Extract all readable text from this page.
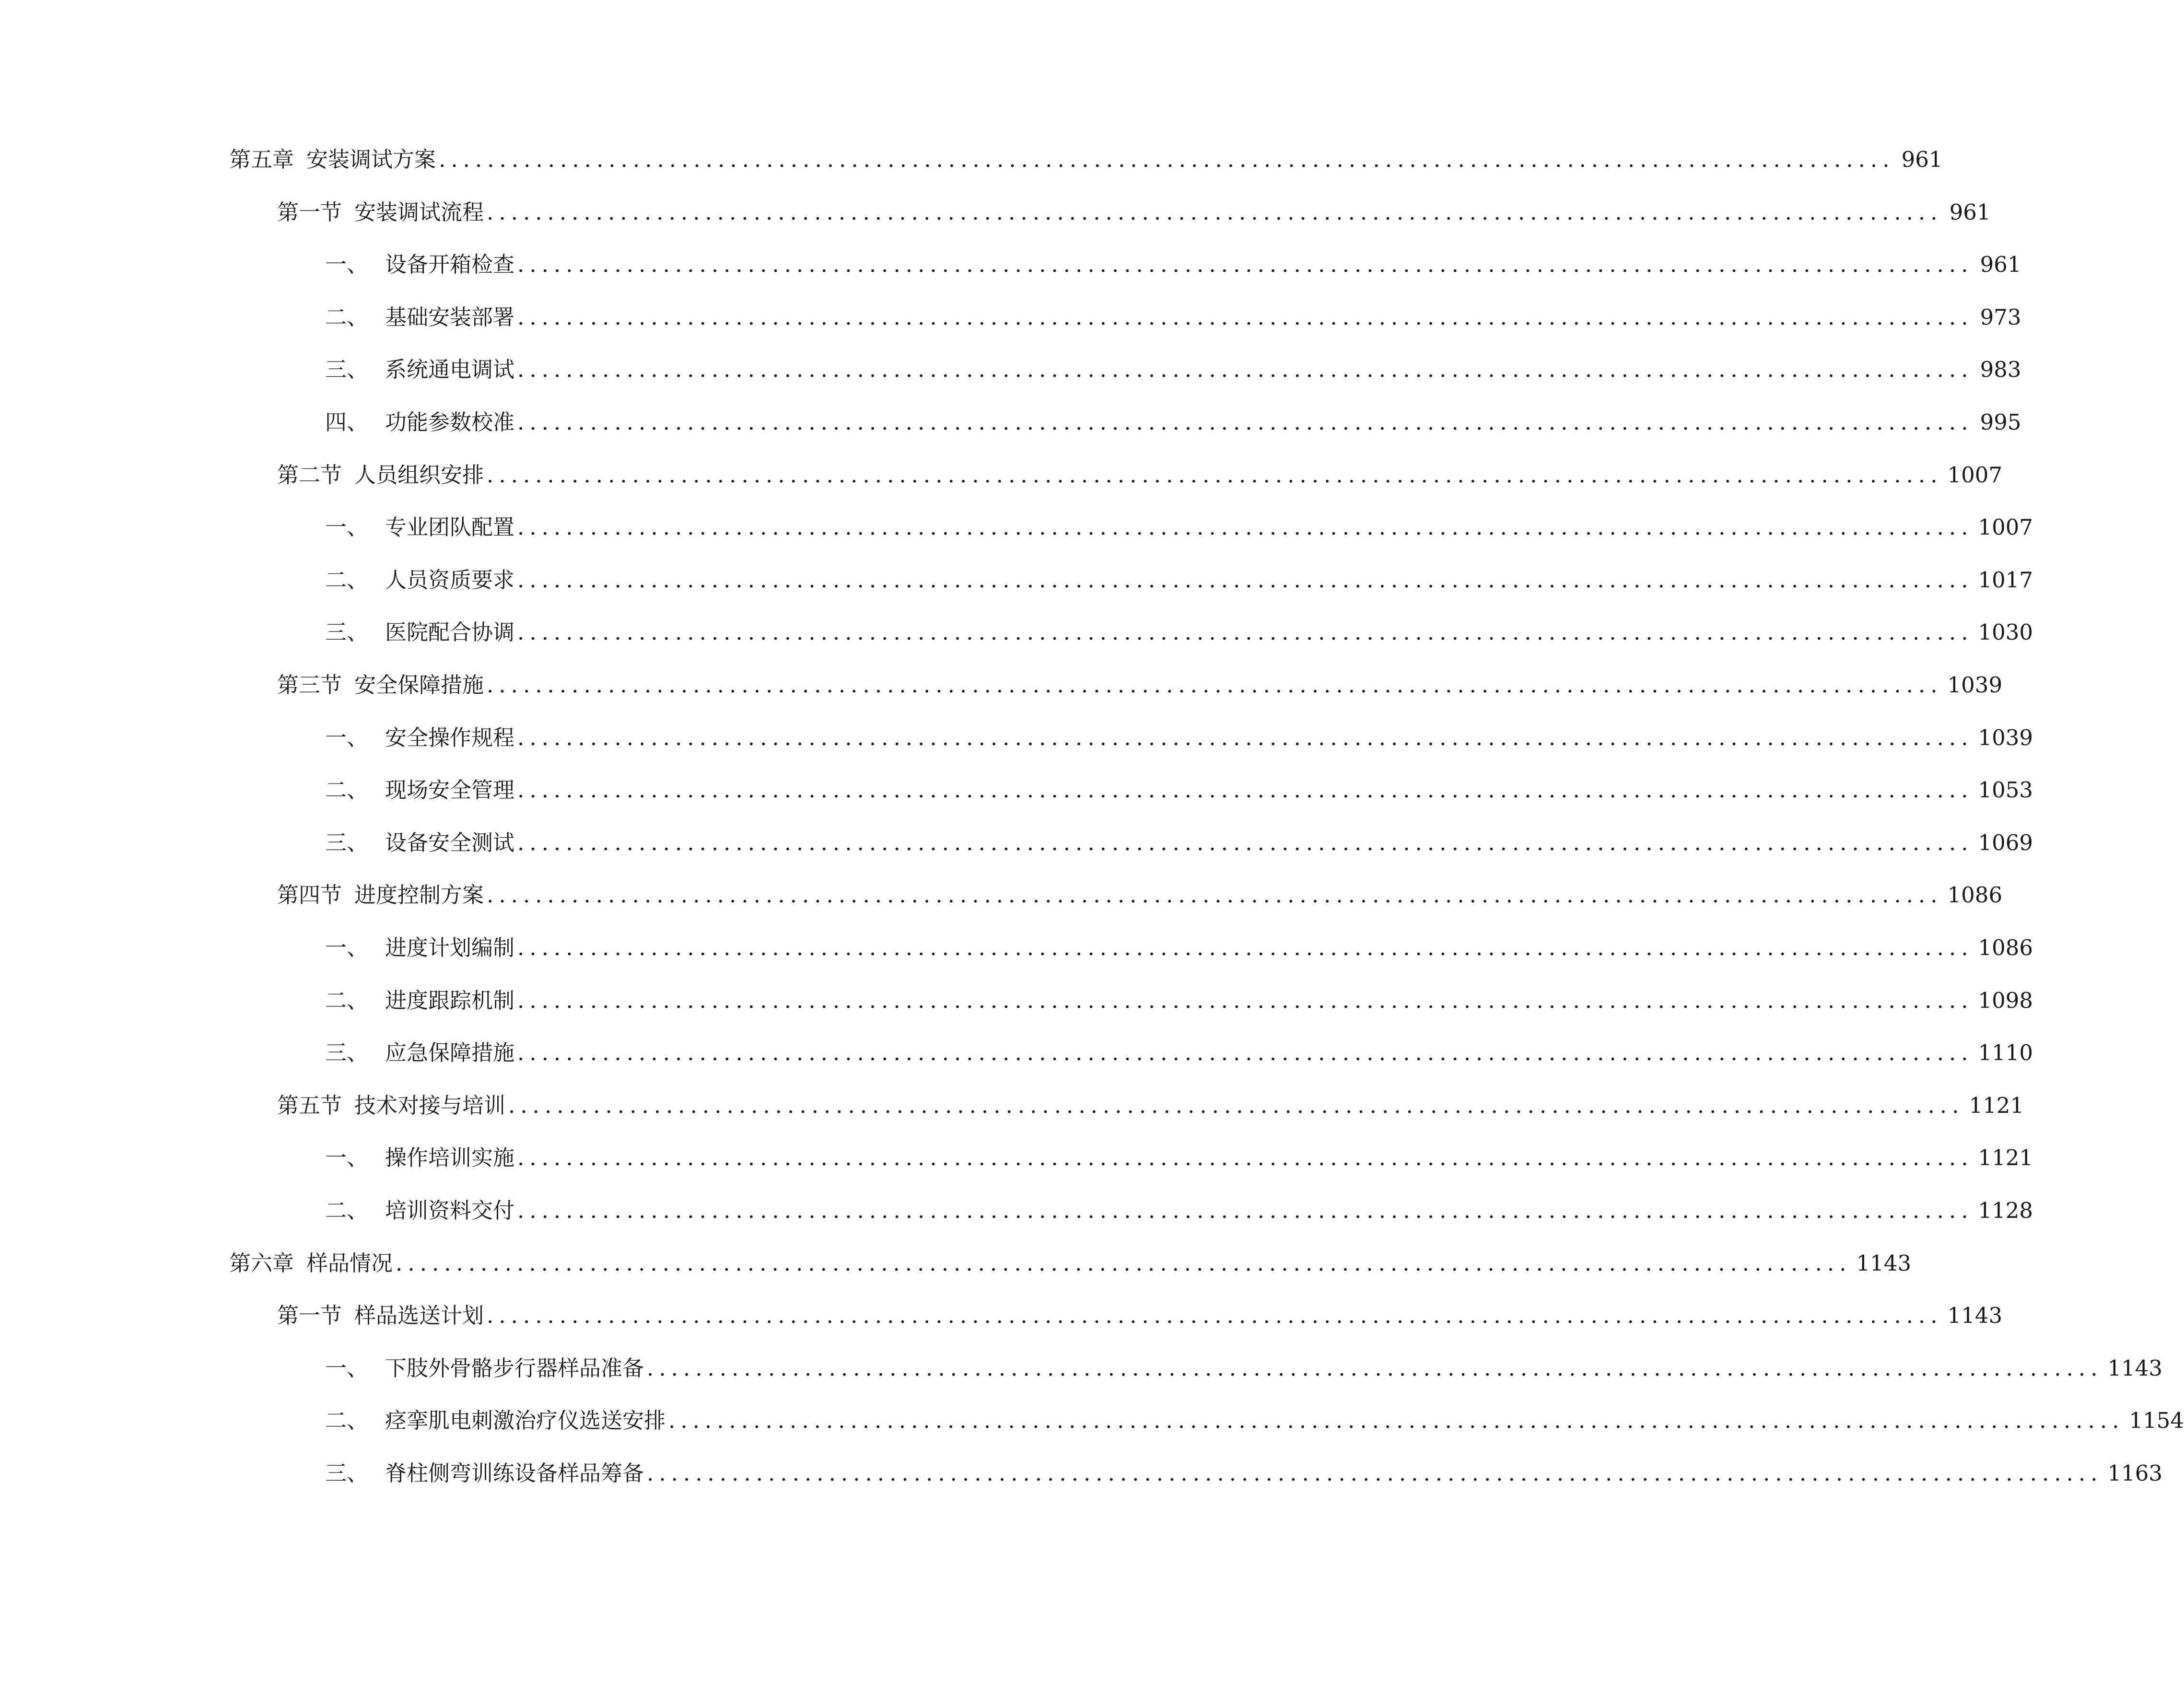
第五章 安装调试方案 ........................................................................................................................ 961
第一节 安装调试流程 ........................................................................................................................ 961
一、 设备开箱检查 ........................................................................................................................ 961
二、 基础安装部署 ........................................................................................................................ 973
三、 系统通电调试 ........................................................................................................................ 983
四、 功能参数校准 ........................................................................................................................ 995
第二节 人员组织安排 ........................................................................................................................ 1007
一、 专业团队配置 ........................................................................................................................ 1007
二、 人员资质要求 ........................................................................................................................ 1017
三、 医院配合协调 ........................................................................................................................ 1030
第三节 安全保障措施 ........................................................................................................................ 1039
一、 安全操作规程 ........................................................................................................................ 1039
二、 现场安全管理 ........................................................................................................................ 1053
三、 设备安全测试 ........................................................................................................................ 1069
第四节 进度控制方案 ........................................................................................................................ 1086
一、 进度计划编制 ........................................................................................................................ 1086
二、 进度跟踪机制 ........................................................................................................................ 1098
三、 应急保障措施 ........................................................................................................................ 1110
第五节 技术对接与培训 ........................................................................................................................ 1121
一、 操作培训实施 ........................................................................................................................ 1121
二、 培训资料交付 ........................................................................................................................ 1128
第六章 样品情况 ........................................................................................................................ 1143
第一节 样品选送计划 ........................................................................................................................ 1143
一、 下肢外骨骼步行器样品准备 ........................................................................................................................ 1143
二、 痉挛肌电刺激治疗仪选送安排 ........................................................................................................................ 1154
三、 脊柱侧弯训练设备样品筹备 ........................................................................................................................ 1163
